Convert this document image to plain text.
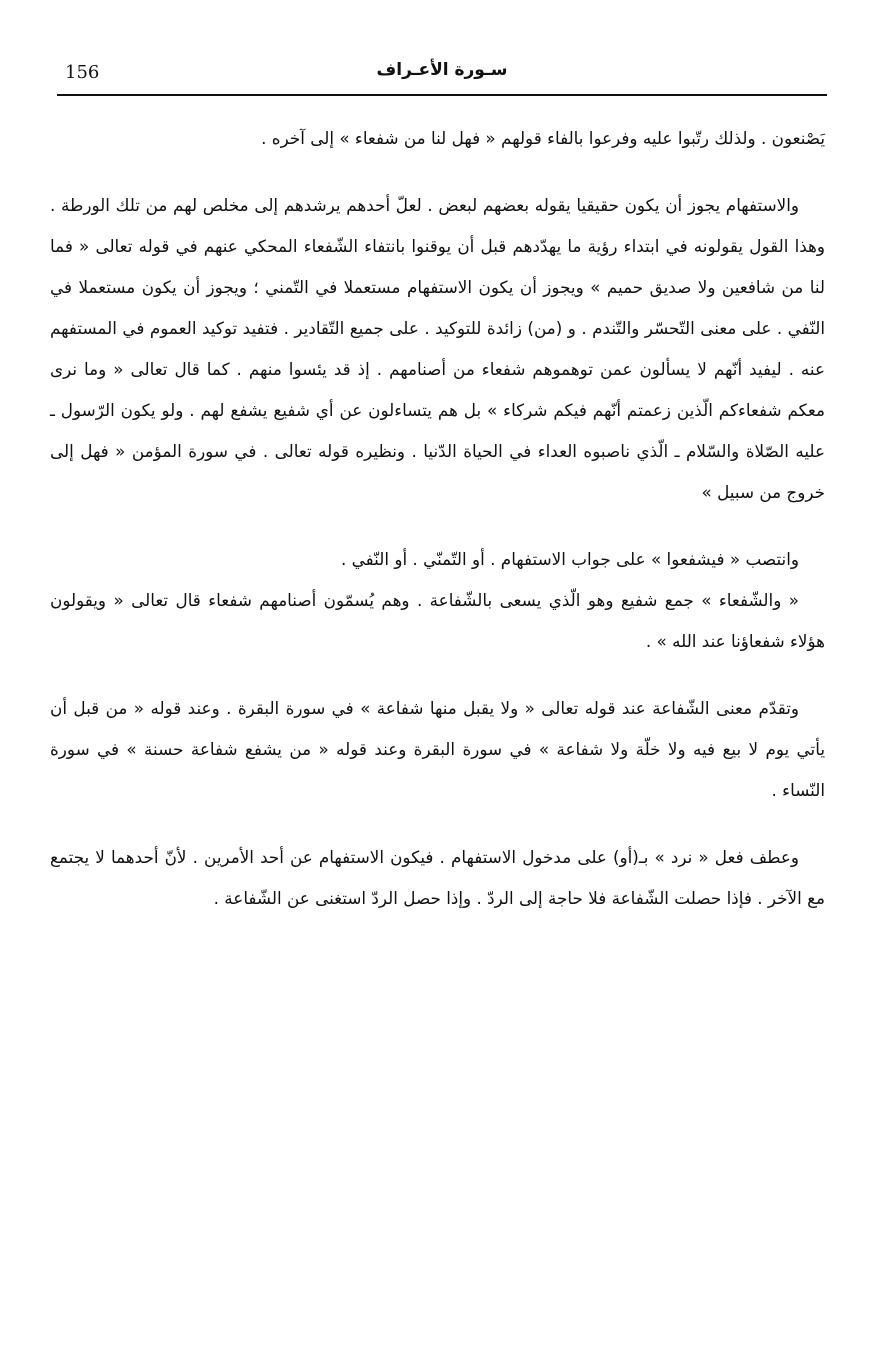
156	سـورة الأعـراف

يَصْنعون . ولذلك رتّبوا عليه وفرعوا بالفاء قولهم « فهل لنا من شفعاء » إلى آخره .

والاستفهام يجوز أن يكون حقيقيا يقوله بعضهم لبعض . لعلّ أحدهم يرشدهم إلى مخلص لهم من تلك الورطة . وهذا القول يقولونه في ابتداء رؤية ما يهدّدهم قبل أن يوقنوا بانتفاء الشّفعاء المحكي عنهم في قوله تعالى « فما لنا من شافعين ولا صديق حميم » ويجوز أن يكون الاستفهام مستعملا في التّمني ؛ ويجوز أن يكون مستعملا في النّفي . على معنى التّحسّر والتّندم . و (من) زائدة للتوكيد . على جميع التّقادير . فتفيد توكيد العموم في المستفهم عنه . ليفيد أنّهم لا يسألون عمن توهموهم شفعاء من أصنامهم . إذ قد يئسوا منهم . كما قال تعالى « وما نرى معكم شفعاءكم الّذين زعمتم أنّهم فيكم شركاء » بل هم يتساءلون عن أي شفيع يشفع لهم . ولو يكون الرّسول ـ عليه الصّلاة والسّلام ـ الّذي ناصبوه العداء في الحياة الدّنيا . ونظيره قوله تعالى . في سورة المؤمن « فهل إلى خروج من سبيل »

وانتصب « فيشفعوا » على جواب الاستفهام . أو التّمنّي . أو النّفي .

« والشّفعاء » جمع شفيع وهو الّذي يسعى بالشّفاعة . وهم يُسمّون أصنامهم شفعاء قال تعالى « ويقولون هؤلاء شفعاؤنا عند الله » .

وتقدّم معنى الشّفاعة عند قوله تعالى « ولا يقبل منها شفاعة » في سورة البقرة . وعند قوله « من قبل أن يأتي يوم لا بيع فيه ولا خلّة ولا شفاعة » في سورة البقرة وعند قوله « من يشفع شفاعة حسنة » في سورة النّساء .

وعطف فعل « نرد » بـ(أو) على مدخول الاستفهام . فيكون الاستفهام عن أحد الأمرين . لأنّ أحدهما لا يجتمع مع الآخر . فإذا حصلت الشّفاعة فلا حاجة إلى الردّ . وإذا حصل الردّ استغنى عن الشّفاعة .
